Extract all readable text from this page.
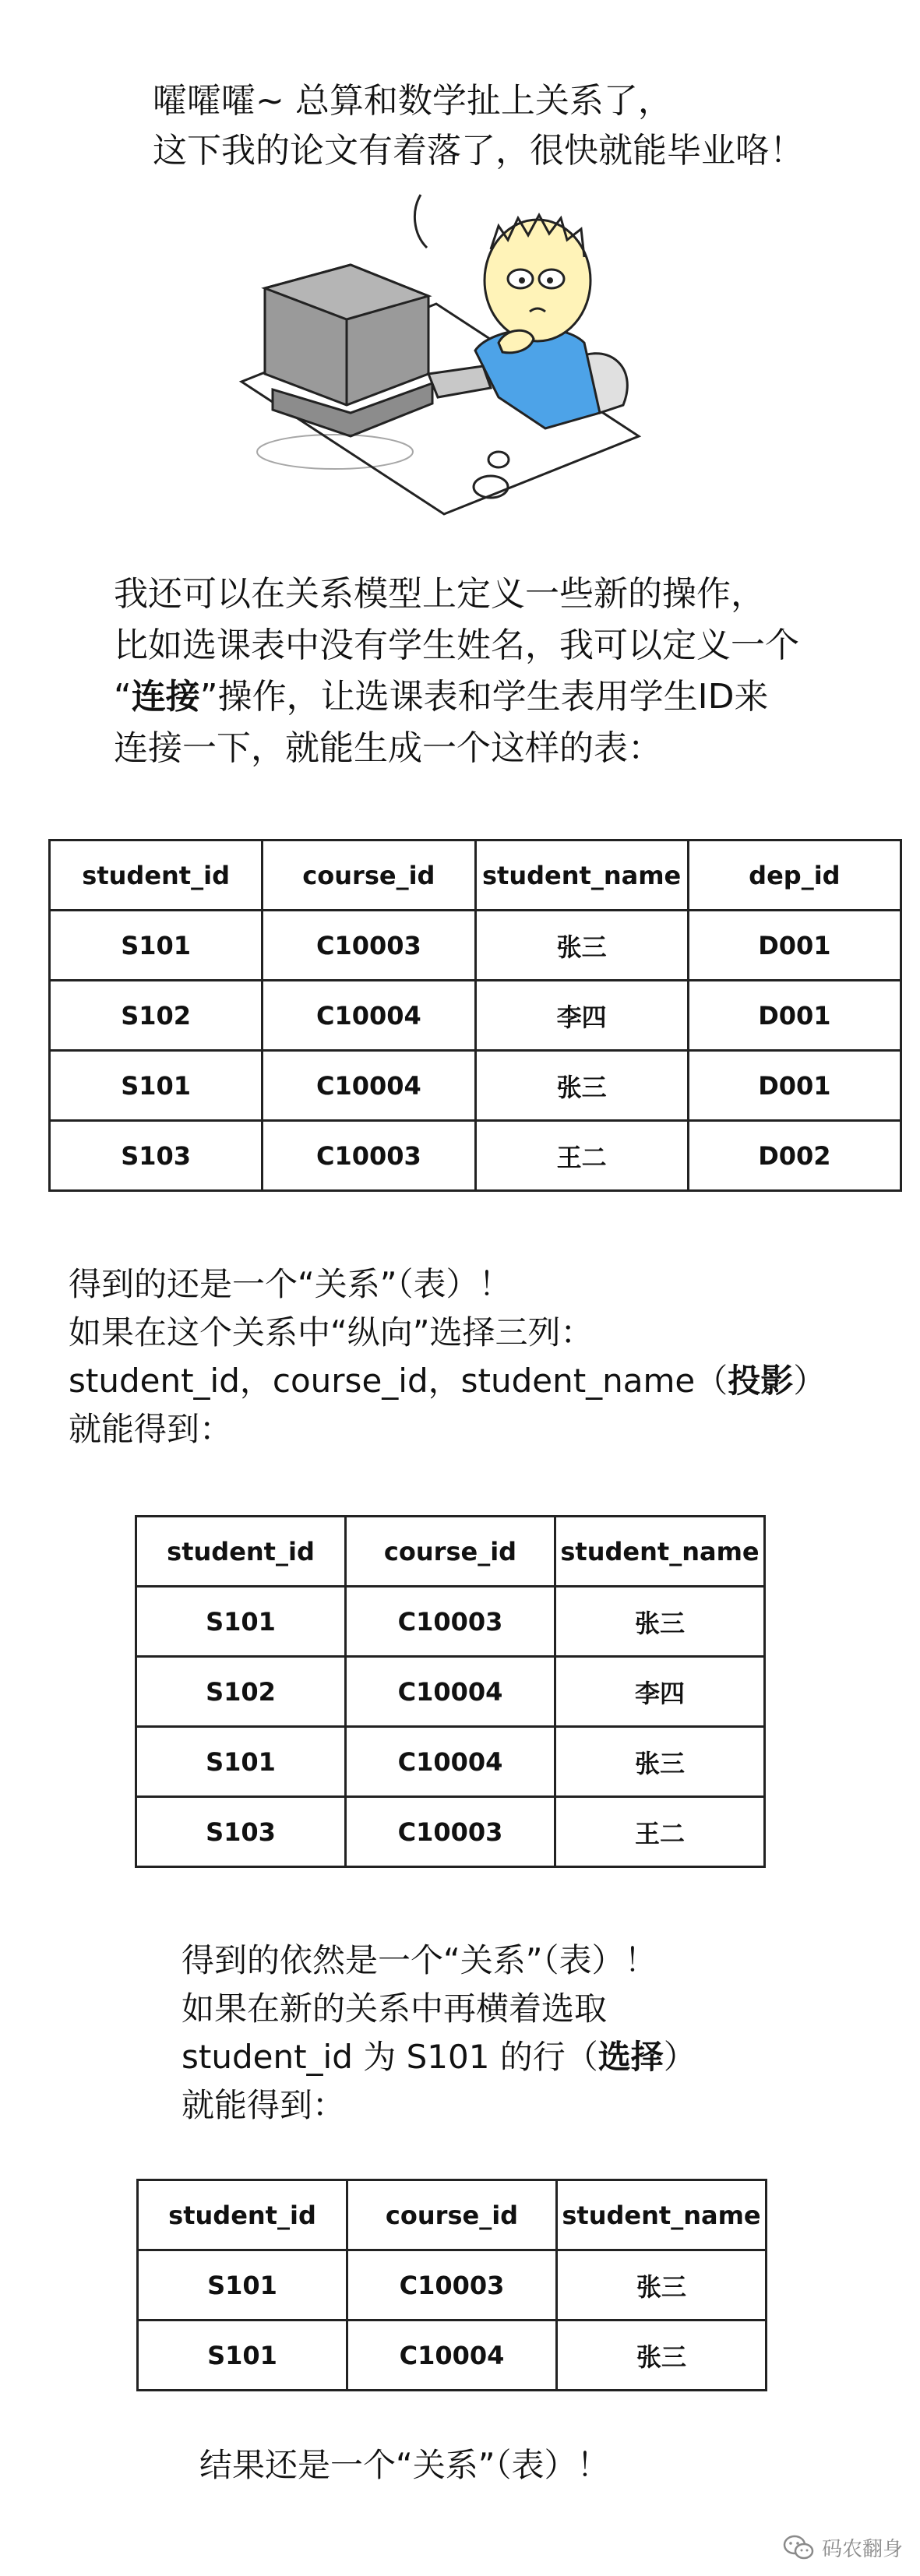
嚯嚯嚯~ 总算和数学扯上关系了，
这下我的论文有着落了，很快就能毕业咯！
我还可以在关系模型上定义一些新的操作，
比如选课表中没有学生姓名，我可以定义一个
“连接”操作，让选课表和学生表用学生ID来
连接一下，就能生成一个这样的表：
student_id	course_id	student_name	dep_id
S101	C10003	张三	D001
S102	C10004	李四	D001
S101	C10004	张三	D001
S103	C10003	王二	D002
得到的还是一个“关系”（表）！
如果在这个关系中“纵向”选择三列：
student_id，course_id，student_name（投影）
就能得到：
student_id	course_id	student_name
S101	C10003	张三
S102	C10004	李四
S101	C10004	张三
S103	C10003	王二
得到的依然是一个“关系”（表）！
如果在新的关系中再横着选取
student_id 为 S101 的行（选择）
就能得到：
student_id	course_id	student_name
S101	C10003	张三
S101	C10004	张三
结果还是一个“关系”（表）！
码农翻身
